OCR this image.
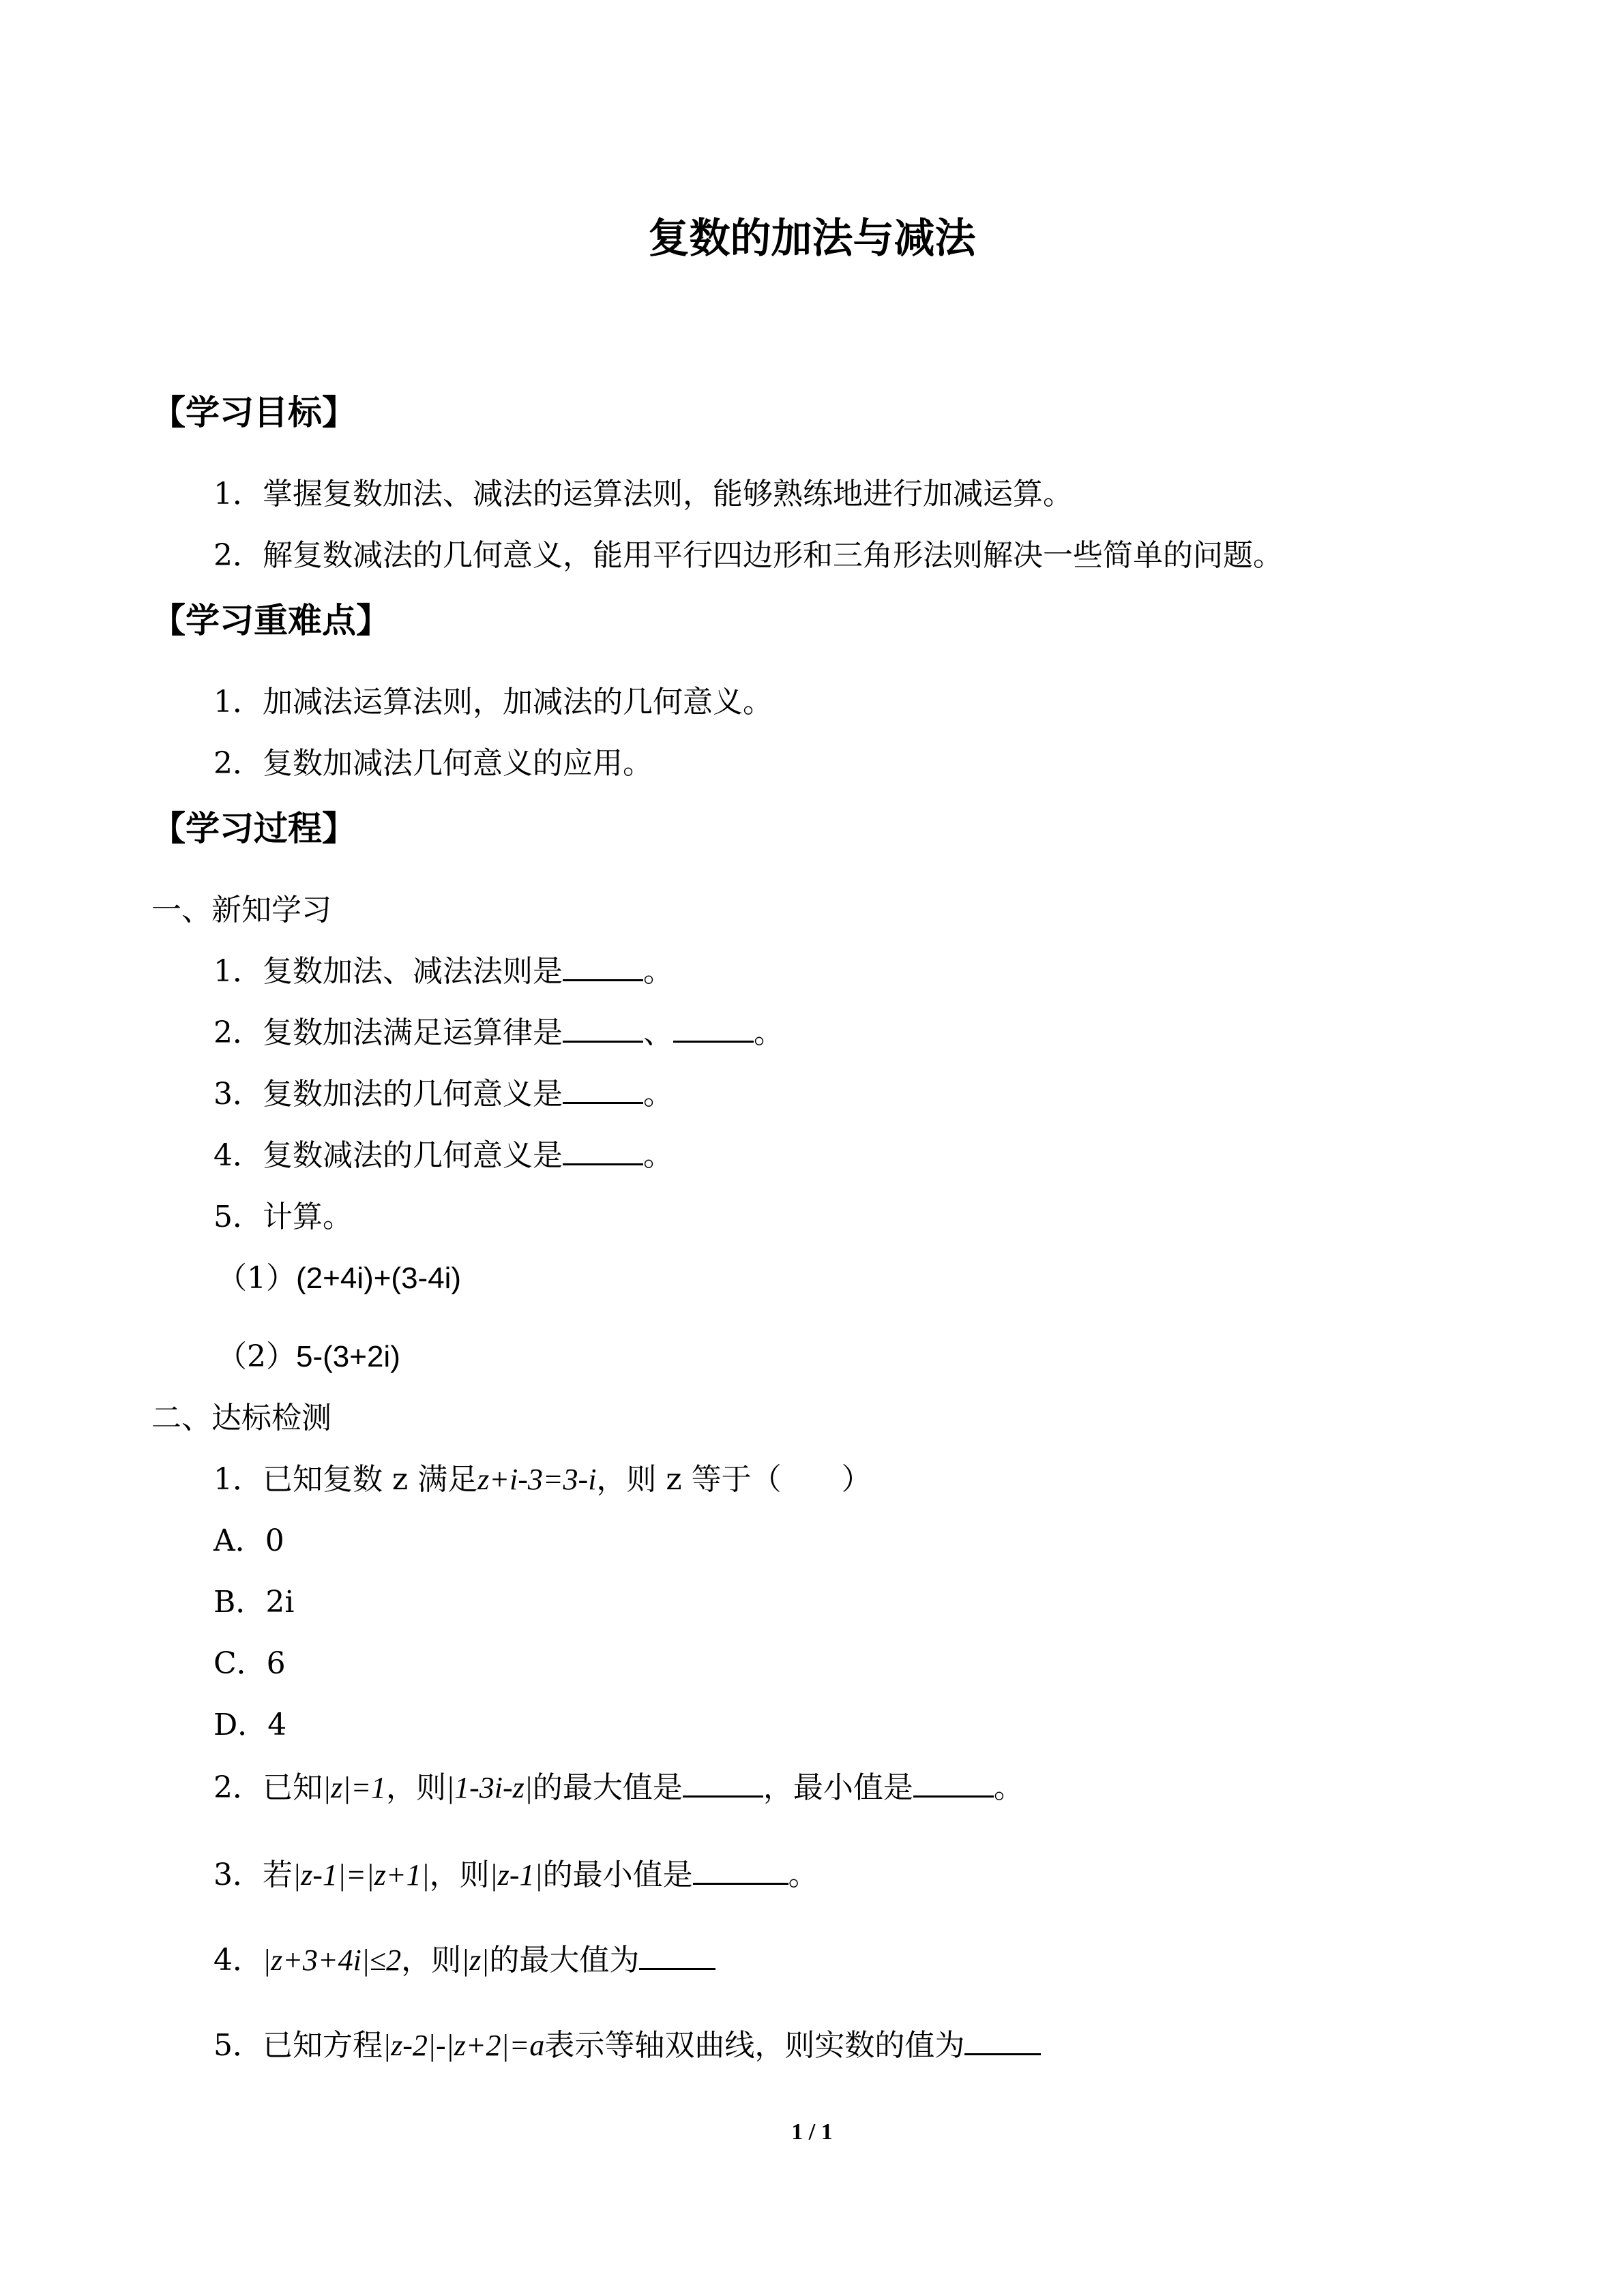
复数的加法与减法
【学习目标】
1．掌握复数加法、减法的运算法则，能够熟练地进行加减运算。
2．解复数减法的几何意义，能用平行四边形和三角形法则解决一些简单的问题。
【学习重难点】
1．加减法运算法则，加减法的几何意义。
2．复数加减法几何意义的应用。
【学习过程】
一、新知学习
1．复数加法、减法法则是	。
2．复数加法满足运算律是	、	。
3．复数加法的几何意义是	。
4．复数减法的几何意义是	。
5．计算。
（1）(2+4i)+(3-4i)
（2）5-(3+2i)
二、达标检测
1．已知复数 z 满足z+i-3=3-i，则 z 等于（　　）
A．0
B．2i
C．6
D．4
2．已知|z|=1，则|1-3i-z|的最大值是	，最小值是	。
3．若|z-1|=|z+1|，则|z-1|的最小值是	。
4．|z+3+4i|≤2，则|z|的最大值为
5．已知方程|z-2|-|z+2|=a表示等轴双曲线，则实数的值为
1 / 1
